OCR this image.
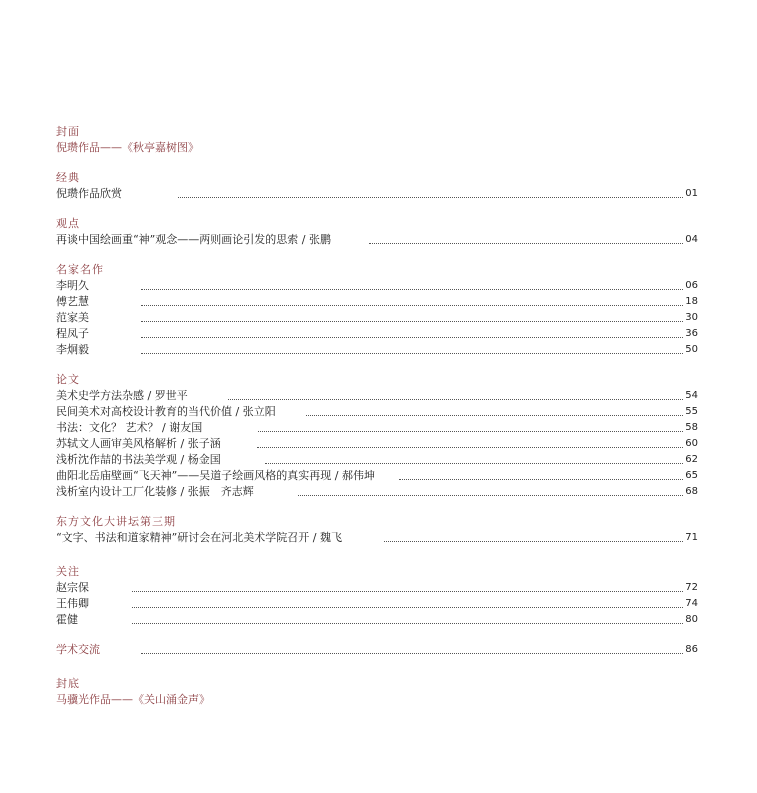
封面
倪瓒作品——《秋亭嘉树图》
经典
倪瓒作品欣赏	01
观点
再谈中国绘画重“神”观念——两则画论引发的思索 / 张鹏	04
名家名作
李明久	06
傅艺慧	18
范家美	30
程凤子	36
李炯毅	50
论文
美术史学方法杂感 / 罗世平	54
民间美术对高校设计教育的当代价值 / 张立阳	55
书法：文化？ 艺术？ / 谢友国	58
苏轼文人画审美风格解析 / 张子涵	60
浅析沈作喆的书法美学观 / 杨金国	62
曲阳北岳庙壁画“飞天神”——吴道子绘画风格的真实再现 / 郝伟坤	65
浅析室内设计工厂化装修 / 张振　齐志辉	68
东方文化大讲坛第三期
“文字、书法和道家精神”研讨会在河北美术学院召开 / 魏飞	71
关注
赵宗保	72
王伟卿	74
霍健	80
学术交流	86
封底
马骥光作品——《关山涌金声》
